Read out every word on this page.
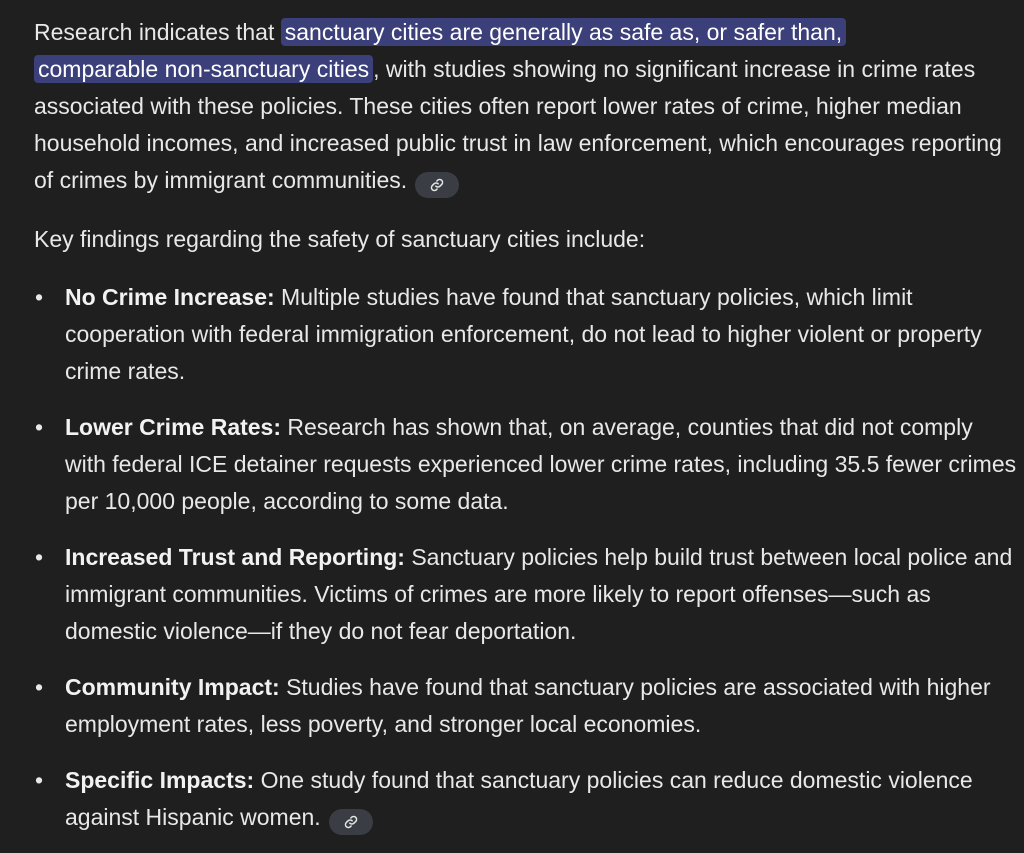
Research indicates that sanctuary cities are generally as safe as, or safer than,
comparable non-sanctuary cities , with studies showing no significant increase in crime rates associated with these policies. These cities often report lower rates of crime, higher median household incomes, and increased public trust in law enforcement, which encourages reporting of crimes by immigrant communities.

Key findings regarding the safety of sanctuary cities include:

• No Crime Increase: Multiple studies have found that sanctuary policies, which limit cooperation with federal immigration enforcement, do not lead to higher violent or property crime rates.
• Lower Crime Rates: Research has shown that, on average, counties that did not comply with federal ICE detainer requests experienced lower crime rates, including 35.5 fewer crimes per 10,000 people, according to some data.
• Increased Trust and Reporting: Sanctuary policies help build trust between local police and immigrant communities. Victims of crimes are more likely to report offenses—such as domestic violence—if they do not fear deportation.
• Community Impact: Studies have found that sanctuary policies are associated with higher employment rates, less poverty, and stronger local economies.
• Specific Impacts: One study found that sanctuary policies can reduce domestic violence against Hispanic women.
